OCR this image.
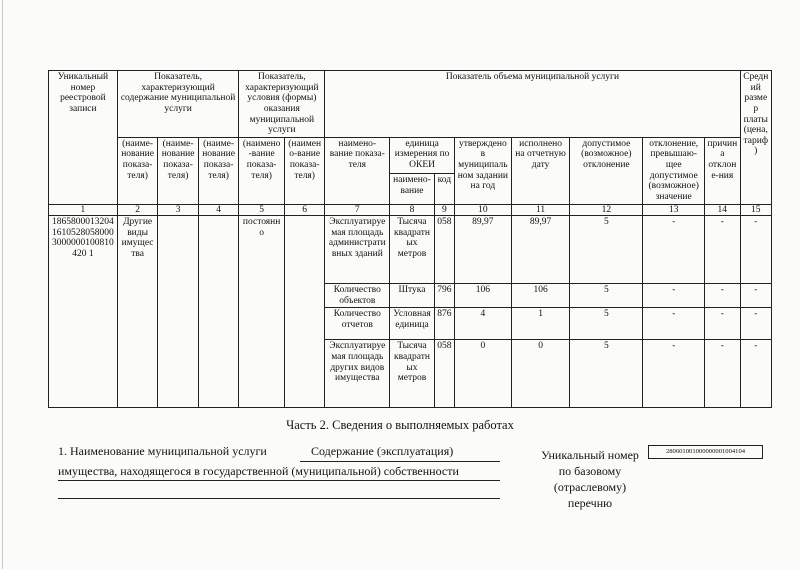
Уникальный номер реестровой записи	Показатель, характеризующий содержание муниципальной услуги			Показатель, характеризующий условия (формы) оказания муниципальной услуги		Показатель объема муниципальной услуги								Средний размер платы (цена, тариф)
	(наиме-нование показа-теля)	(наиме-нование показа-теля)	(наиме-нование показа-теля)	(наимено-вание показа-теля)	(наимено-вание показа-теля)	наимено-вание показа-теля	единица измерения по ОКЕИ		утверждено в муниципальном задании на год	исполнено на отчетную дату	допустимое (возможное) отклонение	отклонение, превышаю-щее допустимое (возможное) значение	причина отклоне-ния	
							наимено-вание	код						
1	2	3	4	5	6	7	8	9	10	11	12	13	14	15
186580001320416105280580003000000100810420 1	Другие виды имущества			постоянно		Эксплуатируемая площадь административных зданий	Тысяча квадратных метров	058	89,97	89,97	5	-	-	-
						Количество объектов	Штука	796	106	106	5	-	-	-
						Количество отчетов	Условная единица	876	4	1	5	-	-	-
						Эксплуатируемая площадь других видов имущества	Тысяча квадратных метров	058	0	0	5	-	-	-
Часть 2. Сведения о выполняемых работах
1. Наименование муниципальной услуги	Содержание (эксплуатация)
имущества, находящегося в государственной (муниципальной) собственности
Уникальный номер
по базовому
(отраслевому)
перечню
280601001000000001004104
